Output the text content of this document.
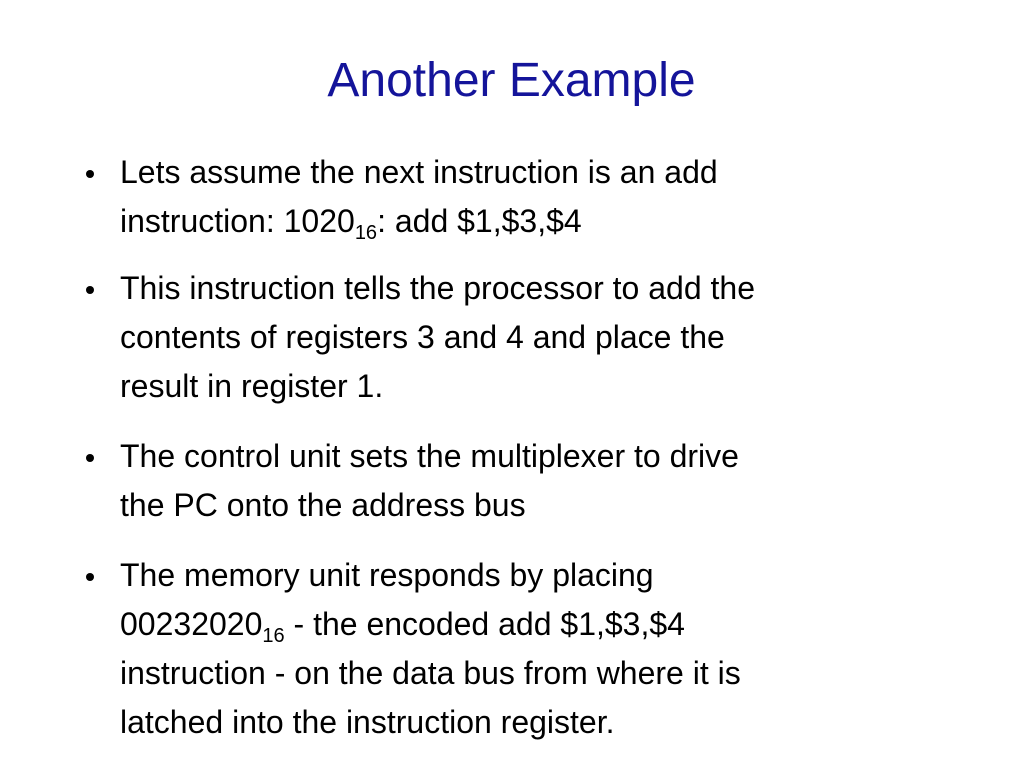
Another Example
Lets assume the next instruction is an add
instruction: $1020_{16}$: add $1,$3,$4
This instruction tells the processor to add the
contents of registers 3 and 4 and place the
result in register 1.
The control unit sets the multiplexer to drive
the PC onto the address bus
The memory unit responds by placing
$00232020_{16}$ - the encoded add $1,$3,$4
instruction - on the data bus from where it is
latched into the instruction register.
